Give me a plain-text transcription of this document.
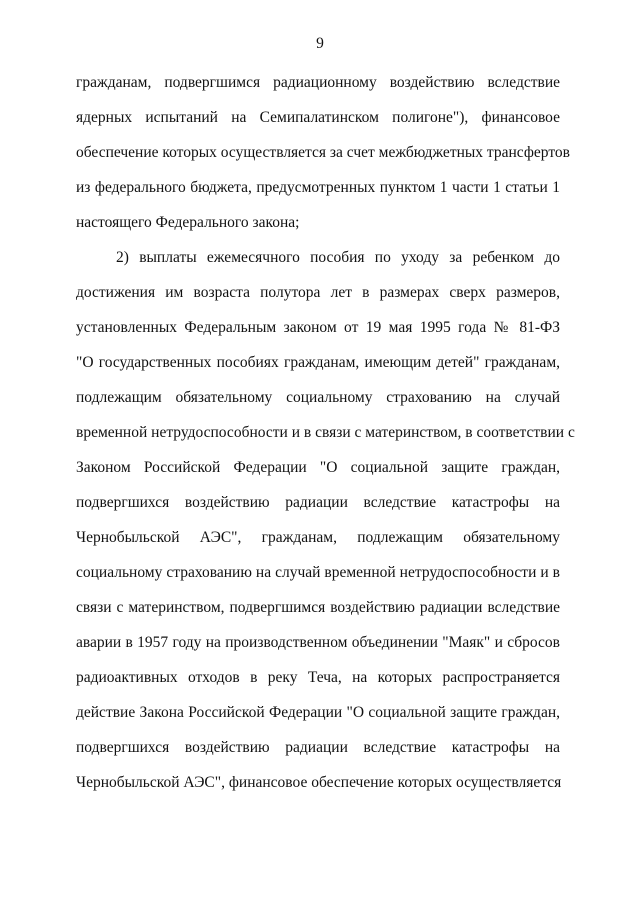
9
гражданам, подвергшимся радиационному воздействию вследствие
ядерных испытаний на Семипалатинском полигоне"), финансовое
обеспечение которых осуществляется за счет межбюджетных трансфертов
из федерального бюджета, предусмотренных пунктом 1 части 1 статьи 1
настоящего Федерального закона;
2) выплаты ежемесячного пособия по уходу за ребенком до
достижения им возраста полутора лет в размерах сверх размеров,
установленных Федеральным законом от 19 мая 1995 года № 81-ФЗ
"О государственных пособиях гражданам, имеющим детей" гражданам,
подлежащим обязательному социальному страхованию на случай
временной нетрудоспособности и в связи с материнством, в соответствии с
Законом Российской Федерации "О социальной защите граждан,
подвергшихся воздействию радиации вследствие катастрофы на
Чернобыльской АЭС", гражданам, подлежащим обязательному
социальному страхованию на случай временной нетрудоспособности и в
связи с материнством, подвергшимся воздействию радиации вследствие
аварии в 1957 году на производственном объединении "Маяк" и сбросов
радиоактивных отходов в реку Теча, на которых распространяется
действие Закона Российской Федерации "О социальной защите граждан,
подвергшихся воздействию радиации вследствие катастрофы на
Чернобыльской АЭС", финансовое обеспечение которых осуществляется
